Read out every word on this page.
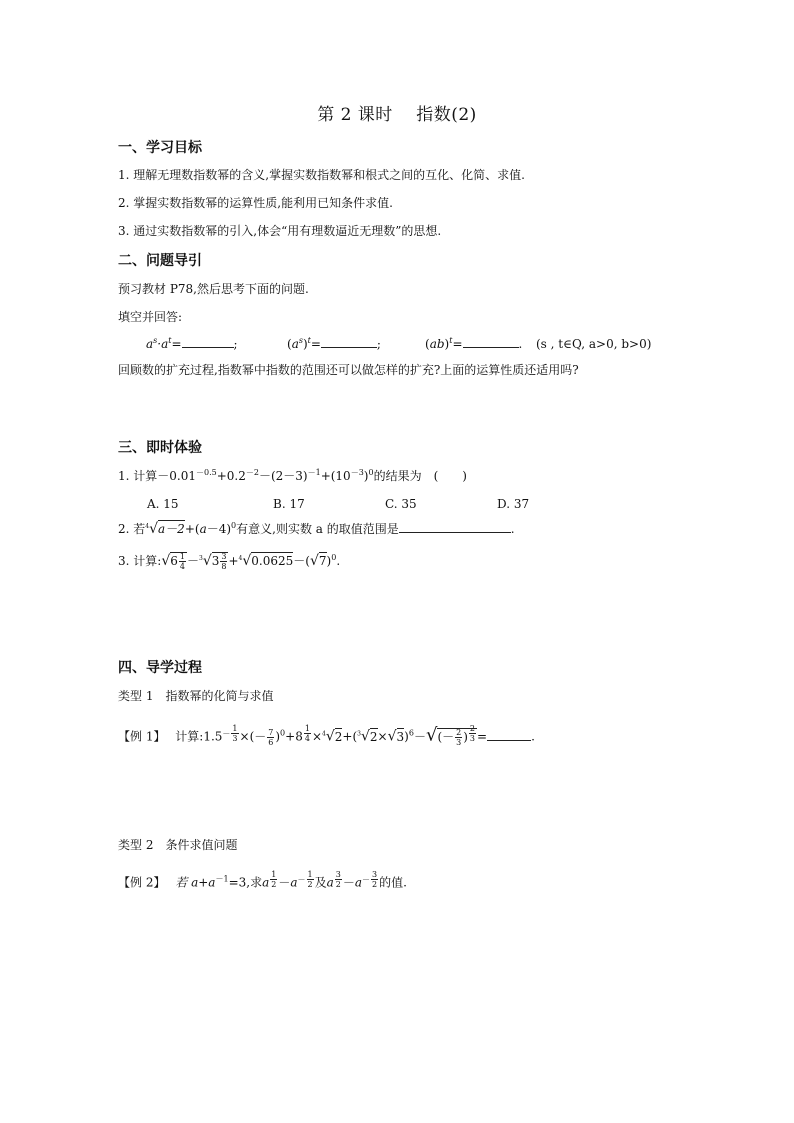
第 2 课时　 指数(2)
一、学习目标
1. 理解无理数指数幂的含义,掌握实数指数幂和根式之间的互化、化简、求值.
2. 掌握实数指数幂的运算性质,能利用已知条件求值.
3. 通过实数指数幂的引入,体会“用有理数逼近无理数”的思想.
二、问题导引
预习教材 P78,然后思考下面的问题.
填空并回答:
$a^s\cdot a^t=$	;	$(a^s)^t=$	;	(ab)$^t$=	. (s , t∈Q, a>0, b>0)
回顾数的扩充过程,指数幂中指数的范围还可以做怎样的扩充?上面的运算性质还适用吗?
三、即时体验
1. 计算$-0.01^{-0.5}+0.2^{-2}-(2-3)^{-1}+(10^{-3})^0$的结果为　(　　)
A. 15	B. 17	C. 35	D. 37
2. 若$^4√a-2+(a-4)^0$有意义,则实数 a 的取值范围是	.
3. 计算:√6 $\frac{1}{4} -^3√3 \frac{3}{8} +^4√0.0625-(√7)^0$.
四、导学过程
类型 1　指数幂的化简与求值
【例 1】　 计算$:1.5^{- \frac{1}{3}}$ ×(－ $\frac{7}{6} )^0+8$ $^{\frac{1}{4}} \times^4√2+(^3√2\times√3)^6-√(- \frac{2}{3}$ ) $^{\frac{2}{3}}$ =	.
类型 2　条件求值问题
【例 2】　 若 $a+a^{-1}=3$,求a $^{\frac{1}{2}} -a^{- \frac{1}{2}}$ 及a $^{\frac{3}{2}} -a^{- \frac{3}{2}}$ 的值.
